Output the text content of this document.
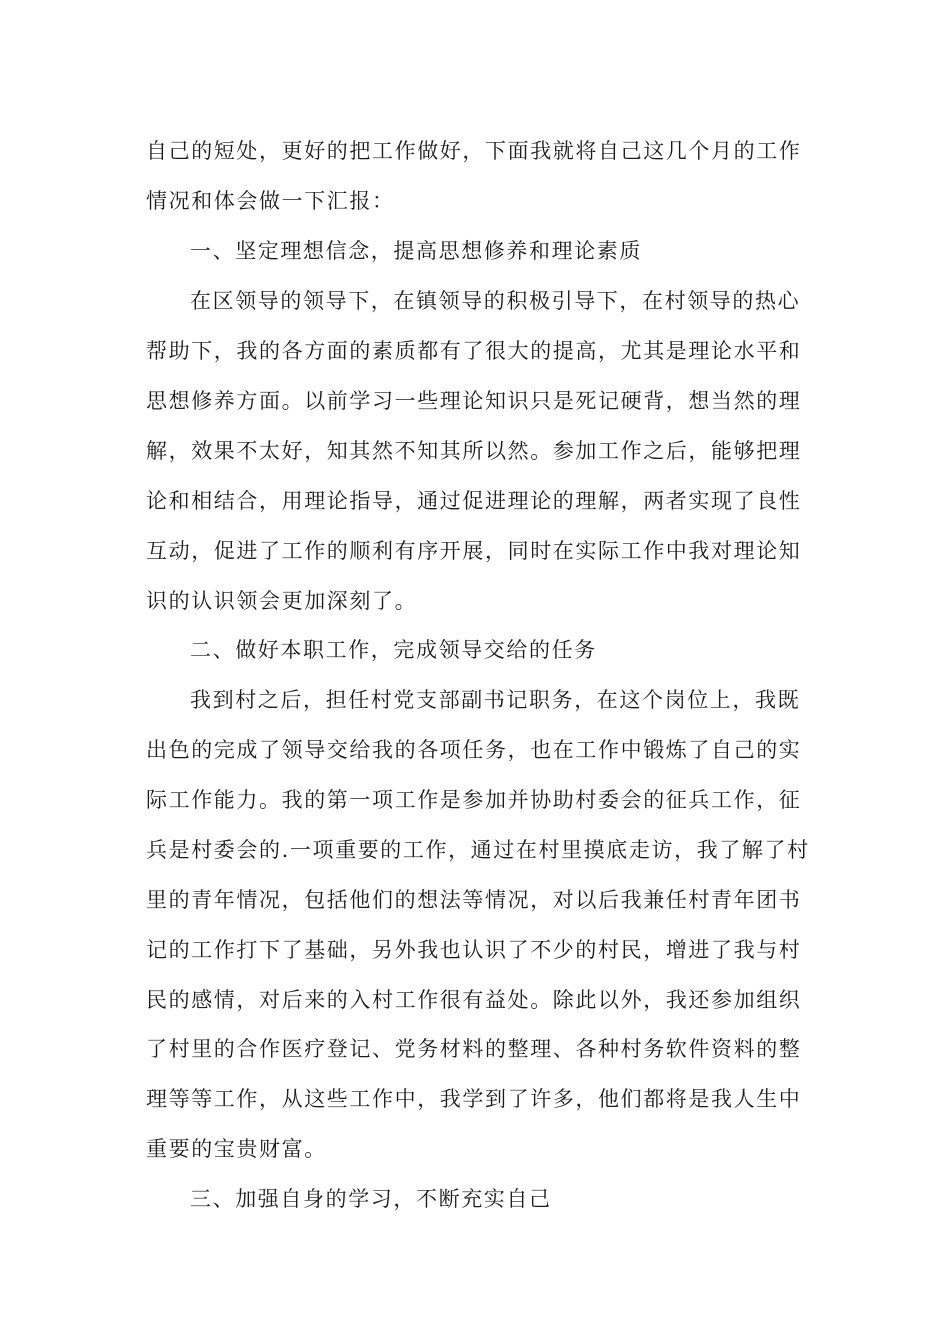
自己的短处，更好的把工作做好，下面我就将自己这几个月的工作
情况和体会做一下汇报：
一、坚定理想信念，提高思想修养和理论素质
在区领导的领导下，在镇领导的积极引导下，在村领导的热心
帮助下，我的各方面的素质都有了很大的提高，尤其是理论水平和
思想修养方面。以前学习一些理论知识只是死记硬背，想当然的理
解，效果不太好，知其然不知其所以然。参加工作之后，能够把理
论和相结合，用理论指导，通过促进理论的理解，两者实现了良性
互动，促进了工作的顺利有序开展，同时在实际工作中我对理论知
识的认识领会更加深刻了。
二、做好本职工作，完成领导交给的任务
我到村之后，担任村党支部副书记职务，在这个岗位上，我既
出色的完成了领导交给我的各项任务，也在工作中锻炼了自己的实
际工作能力。我的第一项工作是参加并协助村委会的征兵工作，征
兵是村委会的.一项重要的工作，通过在村里摸底走访，我了解了村
里的青年情况，包括他们的想法等情况，对以后我兼任村青年团书
记的工作打下了基础，另外我也认识了不少的村民，增进了我与村
民的感情，对后来的入村工作很有益处。除此以外，我还参加组织
了村里的合作医疗登记、党务材料的整理、各种村务软件资料的整
理等等工作，从这些工作中，我学到了许多，他们都将是我人生中
重要的宝贵财富。
三、加强自身的学习，不断充实自己
